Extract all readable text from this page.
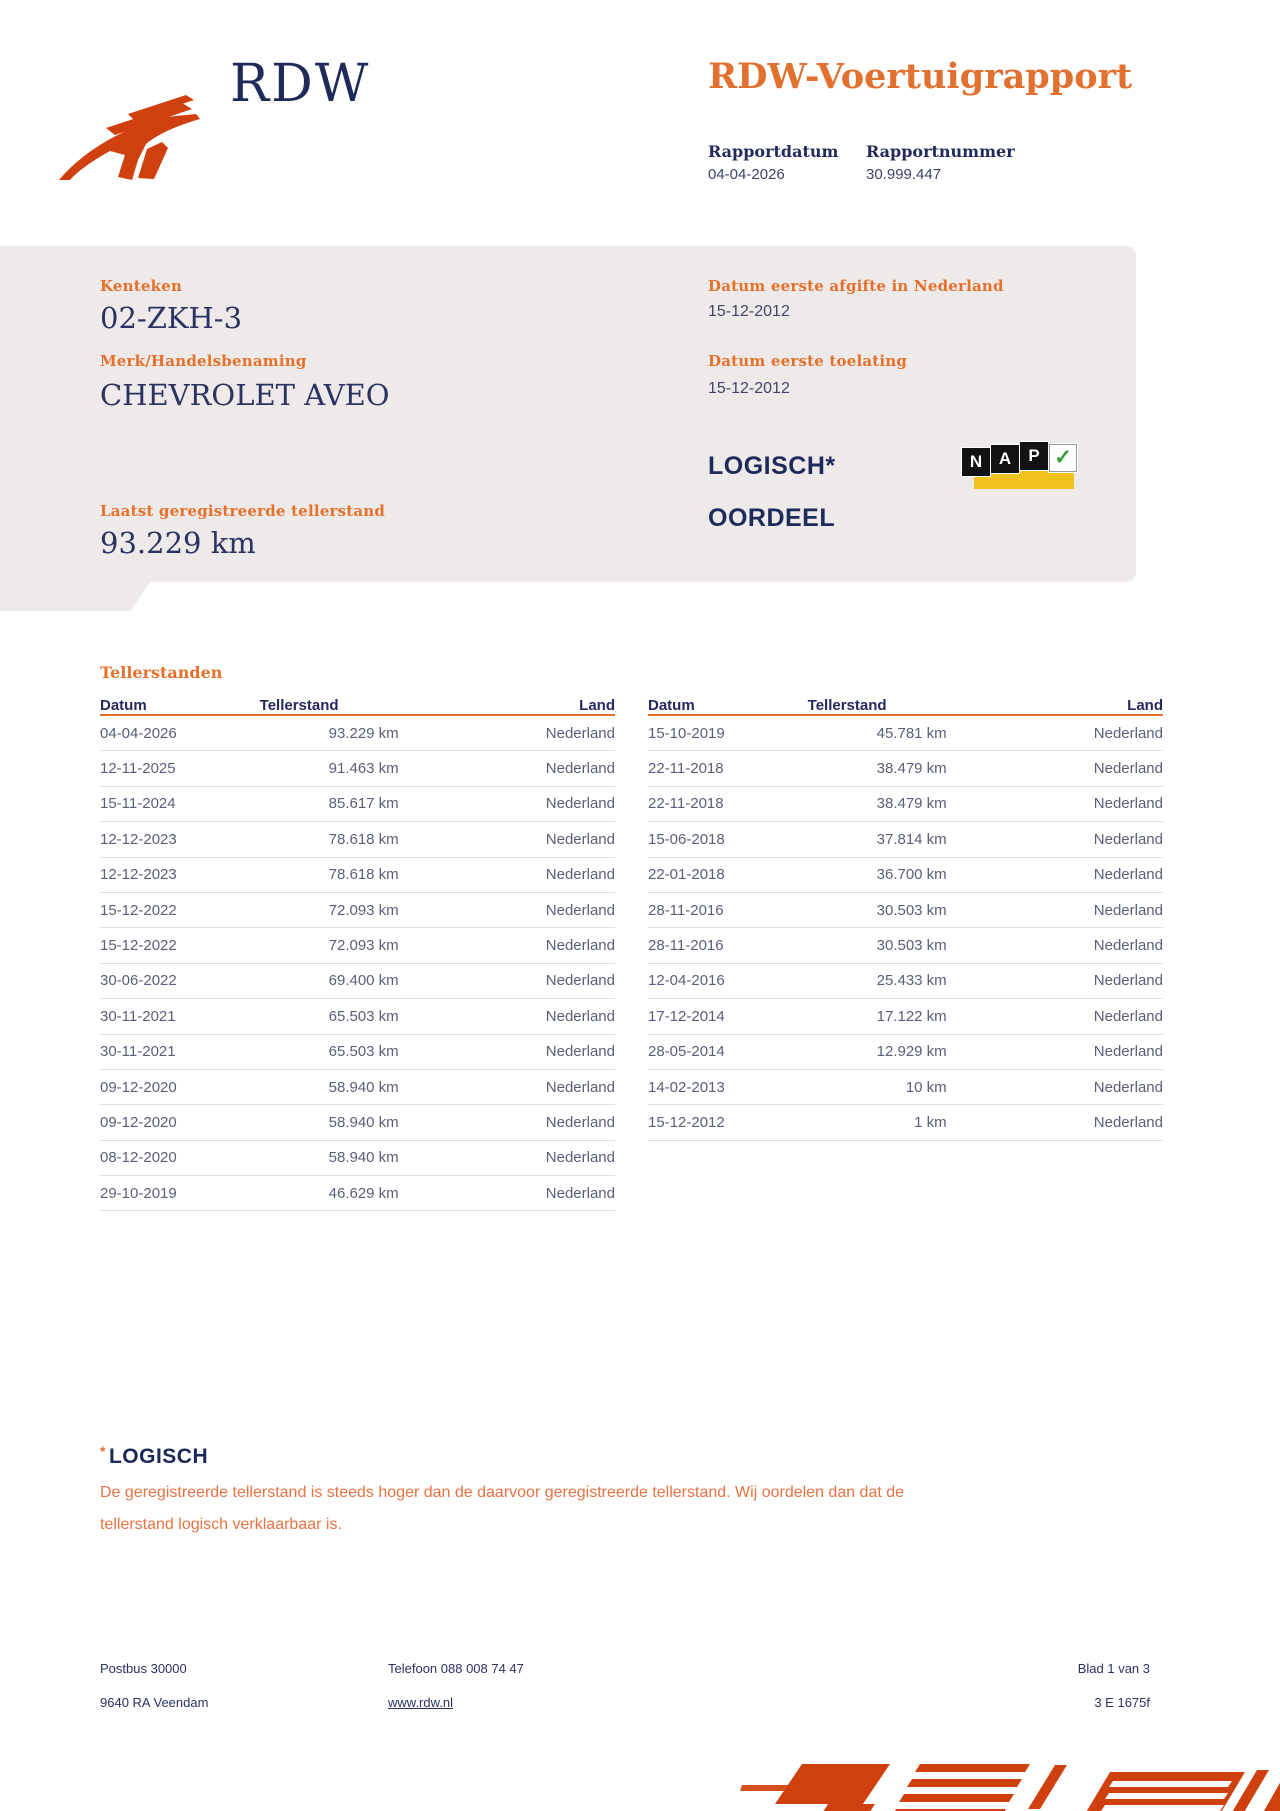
RDW	RDW-Voertuigrapport
Rapportdatum Rapportnummer
04-04-2026	30.999.447
Kenteken
02-ZKH-3
Merk/Handelsbenaming
CHEVROLET AVEO
Datum eerste afgifte in Nederland
15-12-2012
Datum eerste toelating
15-12-2012
Laatst geregistreerde tellerstand
93.229 km
LOGISCH*
OORDEEL
N A	P ✓
Tellerstanden
Datum	Tellerstand	Land
04-04-2026	93.229 km	Nederland
12-11-2025	91.463 km	Nederland
15-11-2024	85.617 km	Nederland
12-12-2023	78.618 km	Nederland
12-12-2023	78.618 km	Nederland
15-12-2022	72.093 km	Nederland
15-12-2022	72.093 km	Nederland
30-06-2022	69.400 km	Nederland
30-11-2021	65.503 km	Nederland
30-11-2021	65.503 km	Nederland
09-12-2020	58.940 km	Nederland
09-12-2020	58.940 km	Nederland
08-12-2020	58.940 km	Nederland
29-10-2019	46.629 km	Nederland
Datum	Tellerstand	Land
15-10-2019	45.781 km	Nederland
22-11-2018	38.479 km	Nederland
22-11-2018	38.479 km	Nederland
15-06-2018	37.814 km	Nederland
22-01-2018	36.700 km	Nederland
28-11-2016	30.503 km	Nederland
28-11-2016	30.503 km	Nederland
12-04-2016	25.433 km	Nederland
17-12-2014	17.122 km	Nederland
28-05-2014	12.929 km	Nederland
14-02-2013	10 km	Nederland
15-12-2012	1 km	Nederland
* LOGISCH
De geregistreerde tellerstand is steeds hoger dan de daarvoor geregistreerde tellerstand. Wij oordelen dan dat de
tellerstand logisch verklaarbaar is.
Postbus 30000
9640 RA Veendam
Telefoon 088 008 74 47
www.rdw.nl
Blad 1 van 3
3 E 1675f
